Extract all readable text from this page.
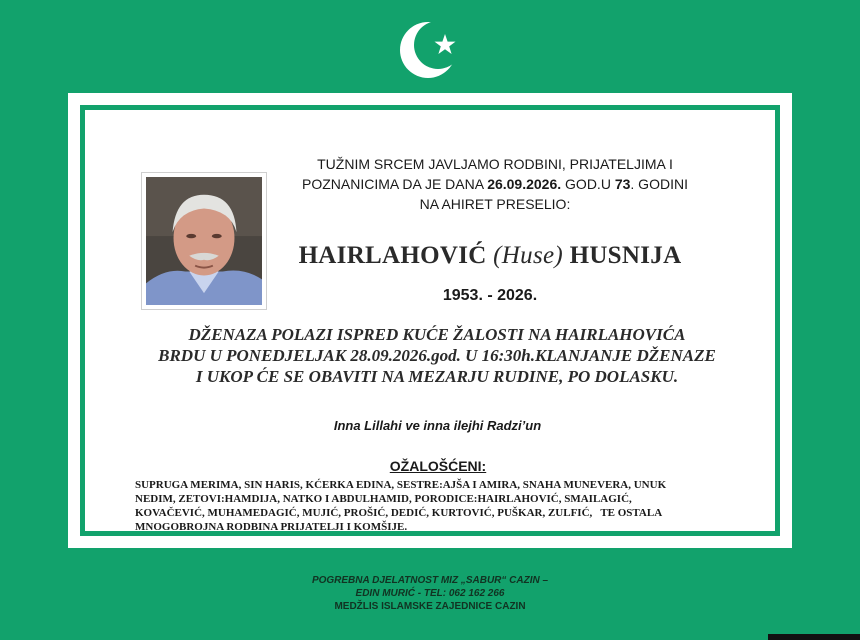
TUŽNIM SRCEM JAVLJAMO RODBINI, PRIJATELJIMA I
POZNANICIMA DA JE DANA 26.09.2026. GOD.U 73. GODINI
NA AHIRET PRESELIO:
HAIRLAHOVIĆ (Huse) HUSNIJA
1953. - 2026.
DŽENAZA POLAZI ISPRED KUĆE ŽALOSTI NA HAIRLAHOVIĆA
BRDU U PONEDJELJAK 28.09.2026.god. U 16:30h.KLANJANJE DŽENAZE
I UKOP ĆE SE OBAVITI NA MEZARJU RUDINE, PO DOLASKU.
Inna Lillahi ve inna ilejhi Radzi’un
OŽALOŠĆENI:
SUPRUGA MERIMA, SIN HARIS, KĆERKA EDINA, SESTRE:AJŠA I AMIRA, SNAHA MUNEVERA, UNUK
NEDIM, ZETOVI:HAMDIJA, NATKO I ABDULHAMID, PORODICE:HAIRLAHOVIĆ, SMAILAGIĆ,
KOVAČEVIĆ, MUHAMEDAGIĆ, MUJIĆ, PROŠIĆ, DEDIĆ, KURTOVIĆ, PUŠKAR, ZULFIĆ,   TE OSTALA
MNOGOBROJNA RODBINA PRIJATELJI I KOMŠIJE.
POGREBNA DJELATNOST MIZ „SABUR“ CAZIN –
EDIN MURIĆ - TEL: 062 162 266
MEDŽLIS ISLAMSKE ZAJEDNICE CAZIN
